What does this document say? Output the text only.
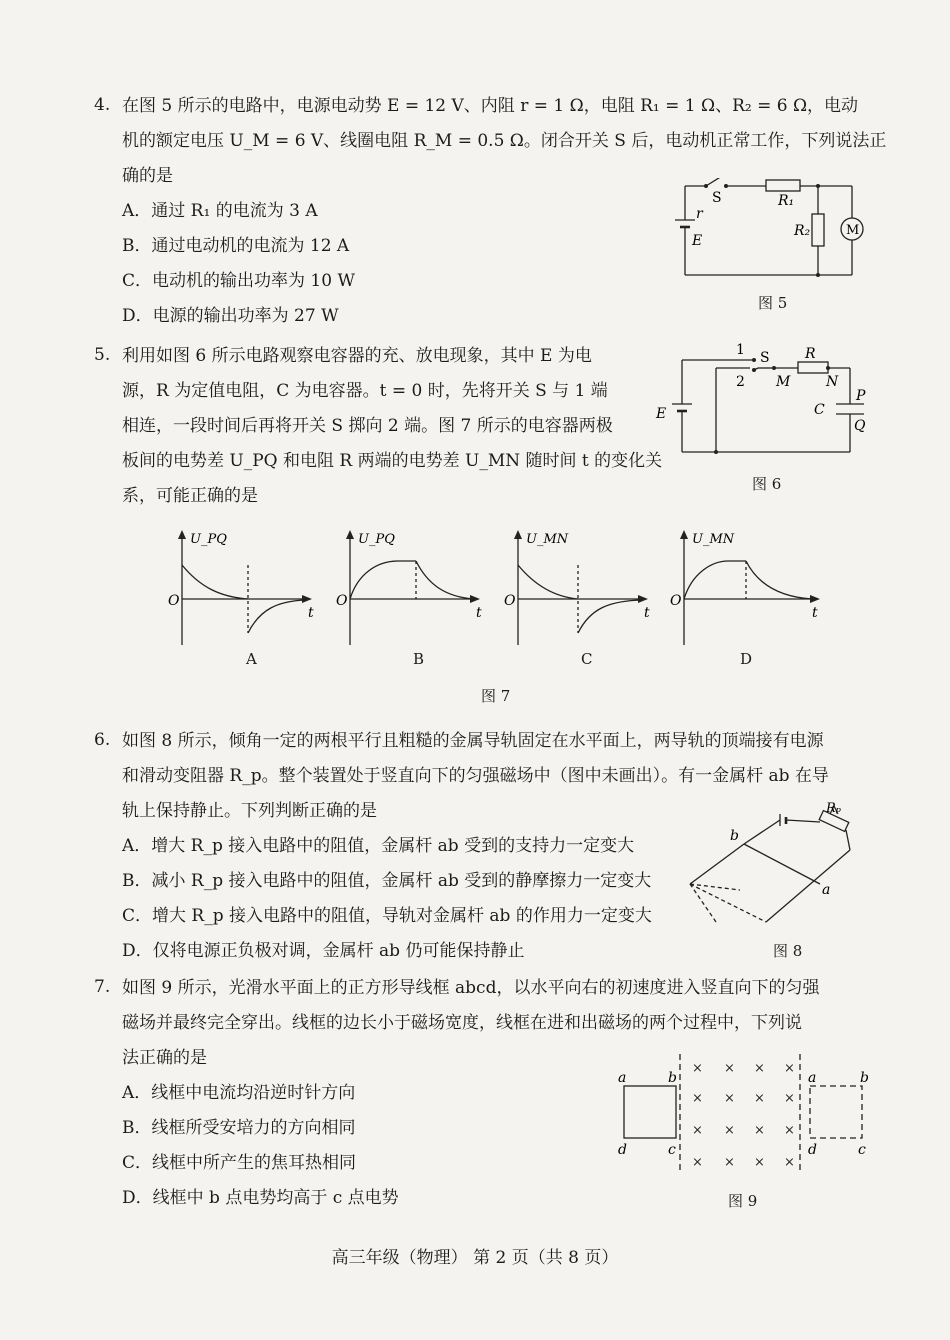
4. 在图 5 所示的电路中，电源电动势 E = 12 V、内阻 r = 1 Ω，电阻 R₁ = 1 Ω、R₂ = 6 Ω，电动
机的额定电压 U_M = 6 V、线圈电阻 R_M = 0.5 Ω。闭合开关 S 后，电动机正常工作，下列说法正
确的是
A．通过 R₁ 的电流为 3 A
B．通过电动机的电流为 12 A
C．电动机的输出功率为 10 W
D．电源的输出功率为 27 W
S	R₁
R₂
r
E
M
图 5
5. 利用如图 6 所示电路观察电容器的充、放电现象，其中 E 为电
源，R 为定值电阻，C 为电容器。t = 0 时，先将开关 S 与 1 端
相连，一段时间后再将开关 S 掷向 2 端。图 7 所示的电容器两极
板间的电势差 U_PQ 和电阻 R 两端的电势差 U_MN 随时间 t 的变化关
系，可能正确的是
1
2
S	R
M	N
C
P
Q
E
图 6
U_PQ
O
t
A
U_PQ
O
t
B
U_MN
O
t
C
U_MN
O
t
D
图 7
6. 如图 8 所示，倾角一定的两根平行且粗糙的金属导轨固定在水平面上，两导轨的顶端接有电源
和滑动变阻器 R_p。整个装置处于竖直向下的匀强磁场中（图中未画出）。有一金属杆 ab 在导
轨上保持静止。下列判断正确的是
A．增大 R_p 接入电路中的阻值，金属杆 ab 受到的支持力一定变大
B．减小 R_p 接入电路中的阻值，金属杆 ab 受到的静摩擦力一定变大
C．增大 R_p 接入电路中的阻值，导轨对金属杆 ab 的作用力一定变大
D．仅将电源正负极对调，金属杆 ab 仍可能保持静止
b
a
Rₚ
图 8
7. 如图 9 所示，光滑水平面上的正方形导线框 abcd，以水平向右的初速度进入竖直向下的匀强
磁场并最终完全穿出。线框的边长小于磁场宽度，线框在进和出磁场的两个过程中，下列说
法正确的是
A．线框中电流均沿逆时针方向
B．线框所受安培力的方向相同
C．线框中所产生的焦耳热相同
D．线框中 b 点电势均高于 c 点电势
× × × ×
× × × ×
× × × ×
× × × ×
a	b
d	c
a	b
d	c
图 9
高三年级（物理） 第 2 页（共 8 页）
